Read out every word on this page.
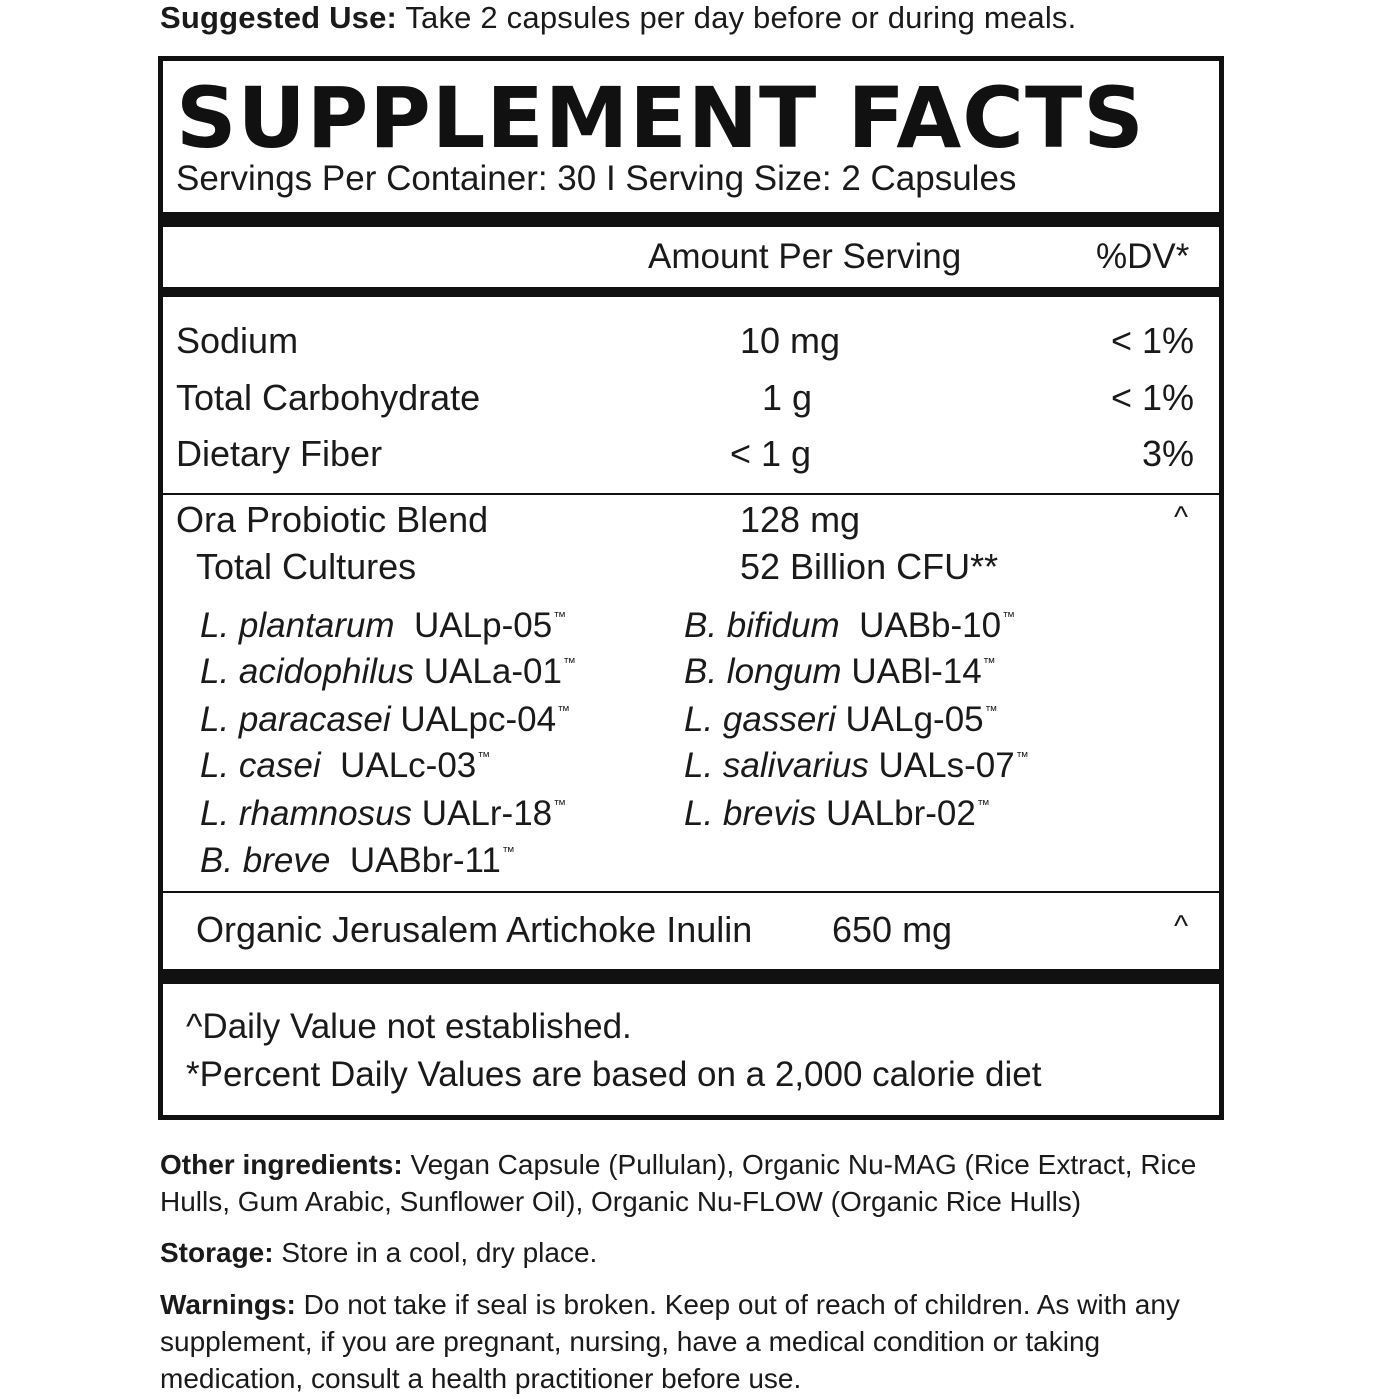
Suggested Use: Take 2 capsules per day before or during meals.
SUPPLEMENT FACTS
Servings Per Container: 30 I Serving Size: 2 Capsules
Amount Per Serving	%DV*
Sodium	10 mg	< 1%
Total Carbohydrate	1 g	< 1%
Dietary Fiber	< 1 g	3%
Ora Probiotic Blend	128 mg	^
Total Cultures	52 Billion CFU**
L. plantarum UALp-05™
L. acidophilus UALa-01™
L. paracasei UALpc-04™
L. casei UALc-03™
L. rhamnosus UALr-18™
B. breve UABbr-11™
B. bifidum UABb-10™
B. longum UABl-14™
L. gasseri UALg-05™
L. salivarius UALs-07™
L. brevis UALbr-02™
Organic Jerusalem Artichoke Inulin 650 mg	^
^Daily Value not established.
*Percent Daily Values are based on a 2,000 calorie diet
Other ingredients: Vegan Capsule (Pullulan), Organic Nu-MAG (Rice Extract, Rice Hulls, Gum Arabic, Sunflower Oil), Organic Nu-FLOW (Organic Rice Hulls)
Storage: Store in a cool, dry place.
Warnings: Do not take if seal is broken. Keep out of reach of children. As with any supplement, if you are pregnant, nursing, have a medical condition or taking medication, consult a health practitioner before use.
